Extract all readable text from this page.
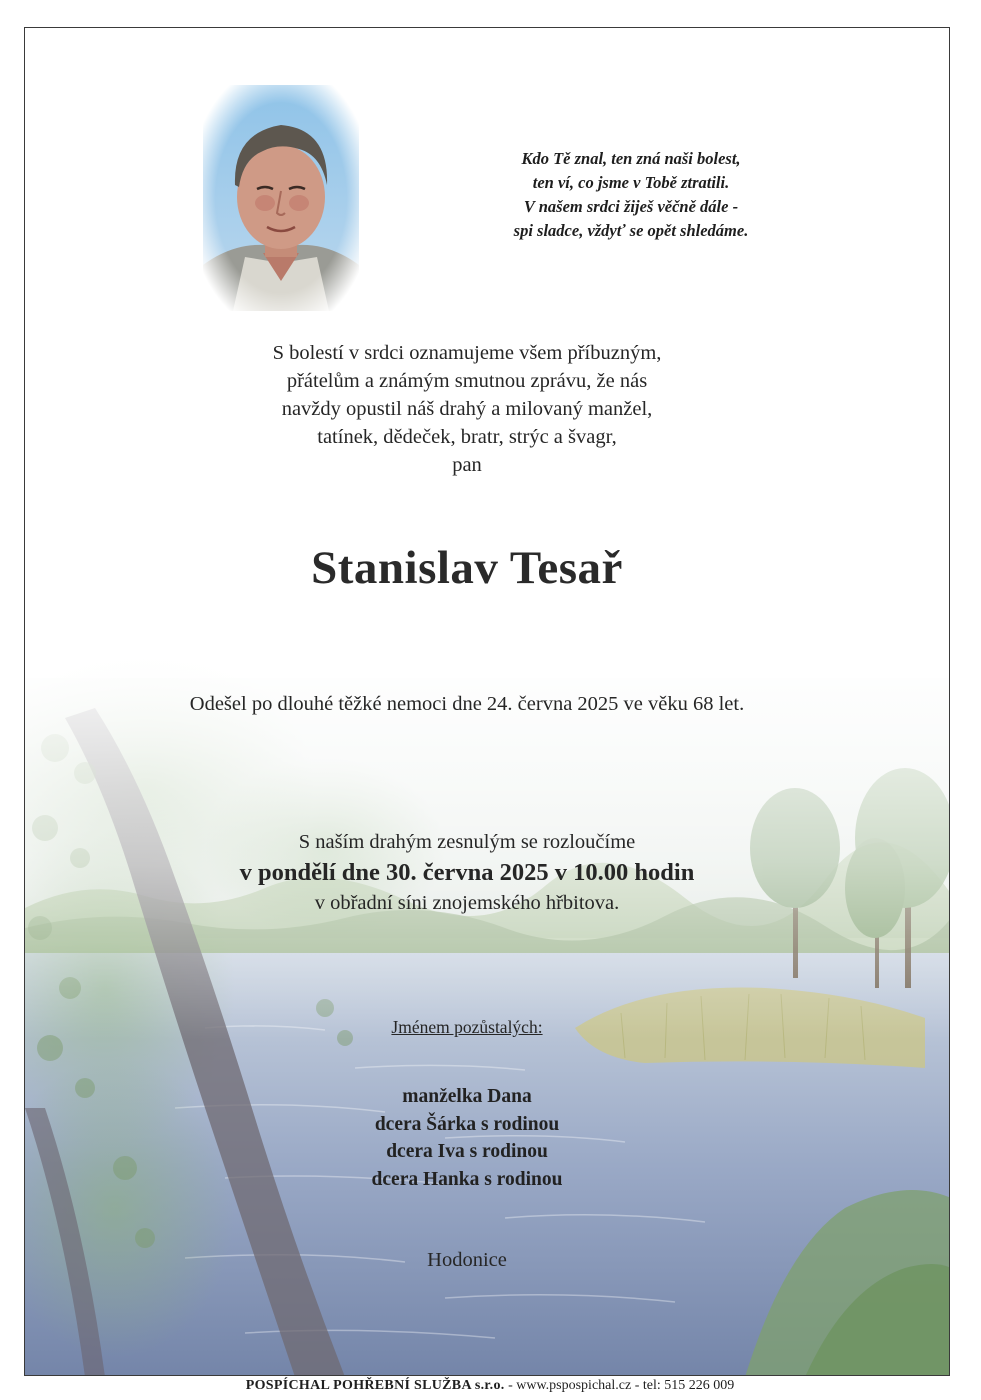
Kdo Tě znal, ten zná naši bolest,
ten ví, co jsme v Tobě ztratili.
V našem srdci žiješ věčně dále -
spi sladce, vždyť se opět shledáme.
S bolestí v srdci oznamujeme všem příbuzným,
přátelům a známým smutnou zprávu, že nás
navždy opustil náš drahý a milovaný manžel,
tatínek, dědeček, bratr, strýc a švagr,
pan
Stanislav Tesař
Odešel po dlouhé těžké nemoci dne 24. června 2025 ve věku 68 let.
S naším drahým zesnulým se rozloučíme
v pondělí dne 30. června 2025 v 10.00 hodin
v obřadní síni znojemského hřbitova.
Jménem pozůstalých:
manželka Dana
dcera Šárka s rodinou
dcera Iva s rodinou
dcera Hanka s rodinou
Hodonice
POSPÍCHAL POHŘEBNÍ SLUŽBA s.r.o. - www.pspospichal.cz - tel: 515 226 009
